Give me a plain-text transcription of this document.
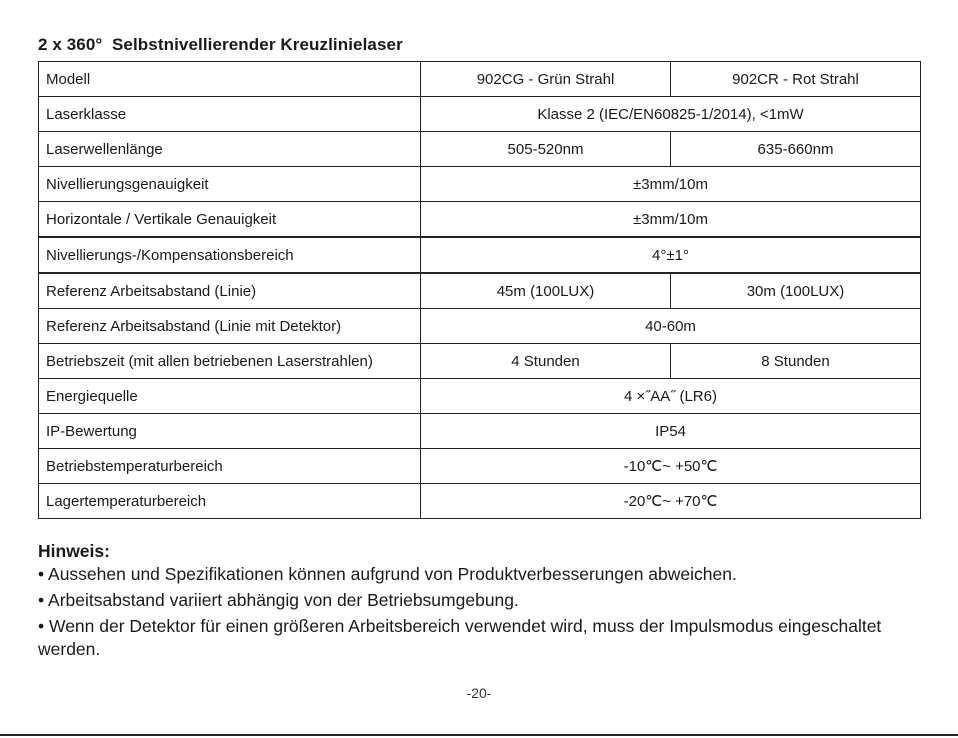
2 x 360°  Selbstnivellierender Kreuzlinielaser
Modell	902CG - Grün Strahl	902CR - Rot Strahl
Laserklasse	Klasse 2 (IEC/EN60825-1/2014), <1mW	
Laserwellenlänge	505-520nm	635-660nm
Nivellierungsgenauigkeit	±3mm/10m	
Horizontale / Vertikale Genauigkeit	±3mm/10m	
Nivellierungs-/Kompensationsbereich	4°±1°	
Referenz Arbeitsabstand (Linie)	45m (100LUX)	30m (100LUX)
Referenz Arbeitsabstand (Linie mit Detektor)	40-60m	
Betriebszeit (mit allen betriebenen Laserstrahlen)	4 Stunden	8 Stunden
Energiequelle	4 ×˝AA˝ (LR6)	
IP-Bewertung	IP54	
Betriebstemperaturbereich	-10℃~ +50℃	
Lagertemperaturbereich	-20℃~ +70℃	

Hinweis:

• Aussehen und Spezifikationen können aufgrund von Produktverbesserungen abweichen.

• Arbeitsabstand variiert abhängig von der Betriebsumgebung.

• Wenn der Detektor für einen größeren Arbeitsbereich verwendet wird, muss der Impulsmodus eingeschaltet werden.

-20-
